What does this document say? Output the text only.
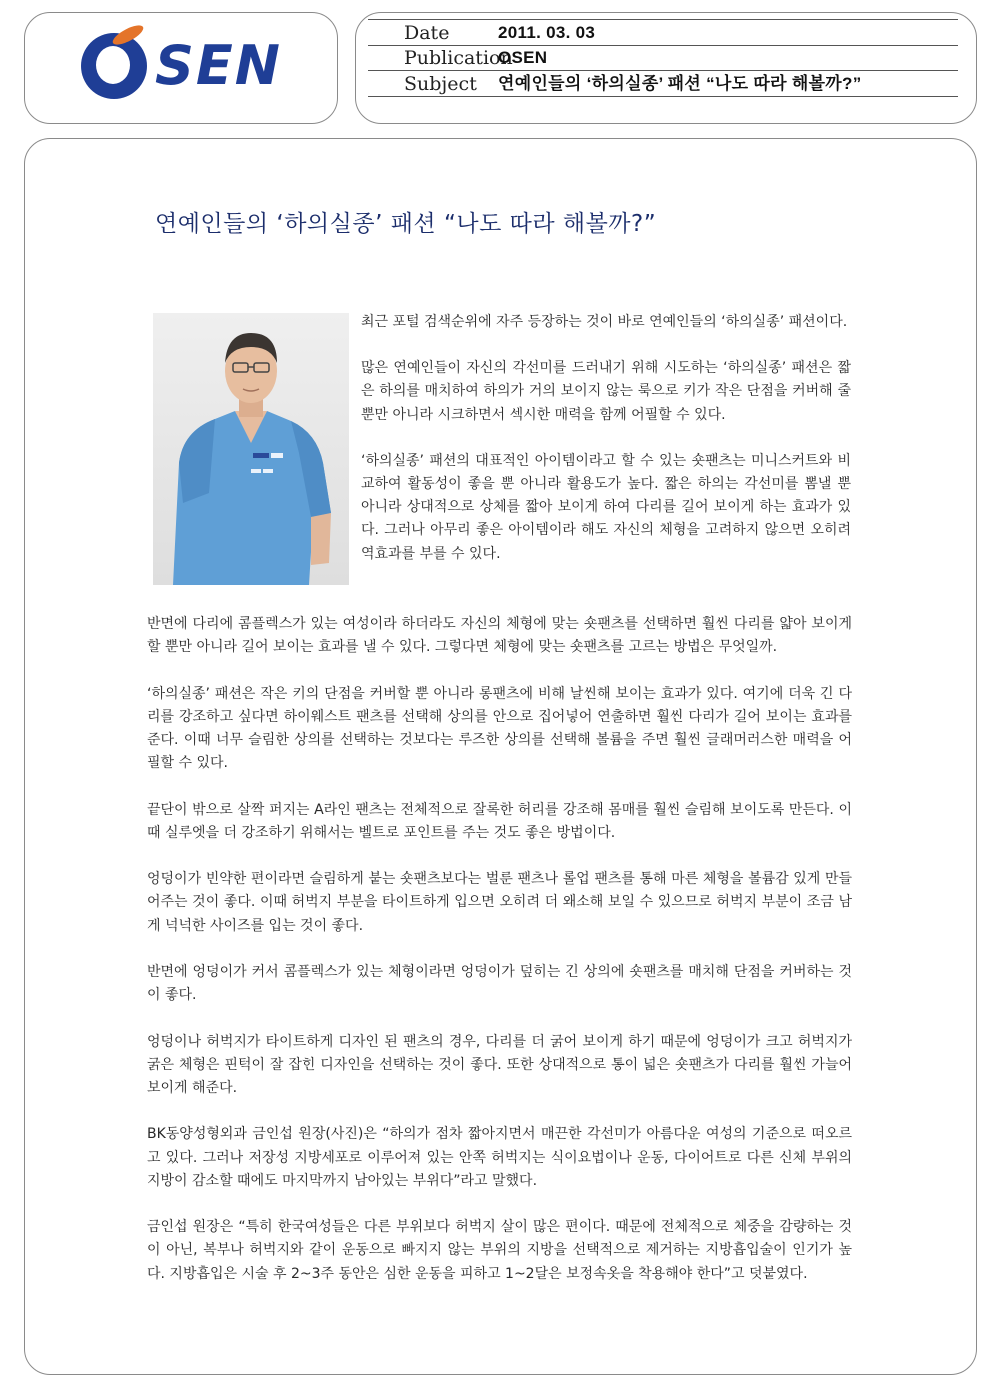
SEN
Date	2011. 03. 03
Publication
OSEN
Subject	연예인들의 ‘하의실종’ 패션 “나도 따라 해볼까?”
연예인들의 ‘하의실종’ 패션 “나도 따라 해볼까?”

최근 포털 검색순위에 자주 등장하는 것이 바로 연예인들의 ‘하의실종’ 패션이다.

많은 연예인들이 자신의 각선미를 드러내기 위해 시도하는 ‘하의실종’ 패션은 짧은 하의를 매치하여 하의가 거의 보이지 않는 룩으로 키가 작은 단점을 커버해 줄 뿐만 아니라 시크하면서 섹시한 매력을 함께 어필할 수 있다.

‘하의실종’ 패션의 대표적인 아이템이라고 할 수 있는 숏팬츠는 미니스커트와 비교하여 활동성이 좋을 뿐 아니라 활용도가 높다. 짧은 하의는 각선미를 뽐낼 뿐 아니라 상대적으로 상체를 짧아 보이게 하여 다리를 길어 보이게 하는 효과가 있다. 그러나 아무리 좋은 아이템이라 해도 자신의 체형을 고려하지 않으면 오히려 역효과를 부를 수 있다.

반면에 다리에 콤플렉스가 있는 여성이라 하더라도 자신의 체형에 맞는 숏팬츠를 선택하면 훨씬 다리를 얇아 보이게 할 뿐만 아니라 길어 보이는 효과를 낼 수 있다. 그렇다면 체형에 맞는 숏팬츠를 고르는 방법은 무엇일까.

‘하의실종’ 패션은 작은 키의 단점을 커버할 뿐 아니라 롱팬츠에 비해 날씬해 보이는 효과가 있다. 여기에 더욱 긴 다리를 강조하고 싶다면 하이웨스트 팬츠를 선택해 상의를 안으로 집어넣어 연출하면 훨씬 다리가 길어 보이는 효과를 준다. 이때 너무 슬림한 상의를 선택하는 것보다는 루즈한 상의를 선택해 볼륨을 주면 훨씬 글래머러스한 매력을 어필할 수 있다.

끝단이 밖으로 살짝 퍼지는 A라인 팬츠는 전체적으로 잘록한 허리를 강조해 몸매를 훨씬 슬림해 보이도록 만든다. 이때 실루엣을 더 강조하기 위해서는 벨트로 포인트를 주는 것도 좋은 방법이다.

엉덩이가 빈약한 편이라면 슬림하게 붙는 숏팬츠보다는 벌룬 팬츠나 롤업 팬츠를 통해 마른 체형을 볼륨감 있게 만들어주는 것이 좋다. 이때 허벅지 부분을 타이트하게 입으면 오히려 더 왜소해 보일 수 있으므로 허벅지 부분이 조금 남게 넉넉한 사이즈를 입는 것이 좋다.

반면에 엉덩이가 커서 콤플렉스가 있는 체형이라면 엉덩이가 덮히는 긴 상의에 숏팬츠를 매치해 단점을 커버하는 것이 좋다.

엉덩이나 허벅지가 타이트하게 디자인 된 팬츠의 경우, 다리를 더 굵어 보이게 하기 때문에 엉덩이가 크고 허벅지가 굵은 체형은 핀턱이 잘 잡힌 디자인을 선택하는 것이 좋다. 또한 상대적으로 통이 넓은 숏팬츠가 다리를 훨씬 가늘어 보이게 해준다.

BK동양성형외과 금인섭 원장(사진)은 “하의가 점차 짧아지면서 매끈한 각선미가 아름다운 여성의 기준으로 떠오르고 있다. 그러나 저장성 지방세포로 이루어져 있는 안쪽 허벅지는 식이요법이나 운동, 다이어트로 다른 신체 부위의 지방이 감소할 때에도 마지막까지 남아있는 부위다”라고 말했다.

금인섭 원장은 “특히 한국여성들은 다른 부위보다 허벅지 살이 많은 편이다. 때문에 전체적으로 체중을 감량하는 것이 아닌, 복부나 허벅지와 같이 운동으로 빠지지 않는 부위의 지방을 선택적으로 제거하는 지방흡입술이 인기가 높다. 지방흡입은 시술 후 2~3주 동안은 심한 운동을 피하고 1~2달은 보정속옷을 착용해야 한다”고 덧붙였다.
